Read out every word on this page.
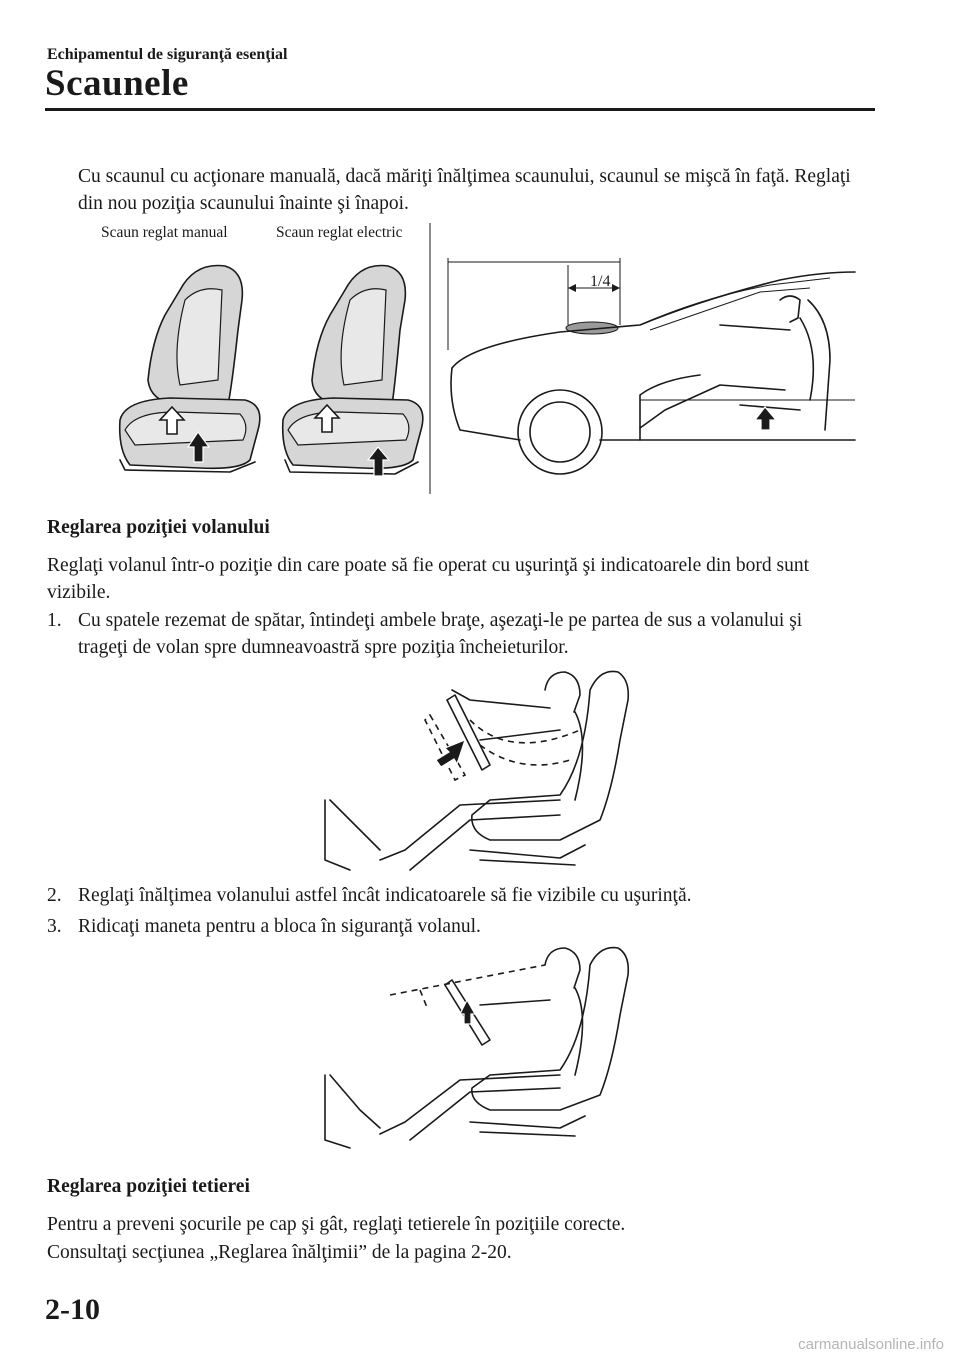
Echipamentul de siguranţă esenţial
Scaunele
Cu scaunul cu acţionare manuală, dacă măriţi înălţimea scaunului, scaunul se mişcă în faţă. Reglaţi din nou poziţia scaunului înainte şi înapoi.
Scaun reglat manual	Scaun reglat electric
Reglarea poziţiei volanului
Reglaţi volanul într-o poziţie din care poate să fie operat cu uşurinţă şi indicatoarele din bord sunt vizibile.
1. Cu spatele rezemat de spătar, întindeţi ambele braţe, aşezaţi-le pe partea de sus a volanului şi trageţi de volan spre dumneavoastră spre poziţia încheieturilor.
2. Reglaţi înălţimea volanului astfel încât indicatoarele să fie vizibile cu uşurinţă.
3. Ridicaţi maneta pentru a bloca în siguranţă volanul.
Reglarea poziţiei tetierei
Pentru a preveni şocurile pe cap şi gât, reglaţi tetierele în poziţiile corecte.
Consultaţi secţiunea „Reglarea înălţimii” de la pagina 2-20.
2-10
carmanualsonline.info
1/4
